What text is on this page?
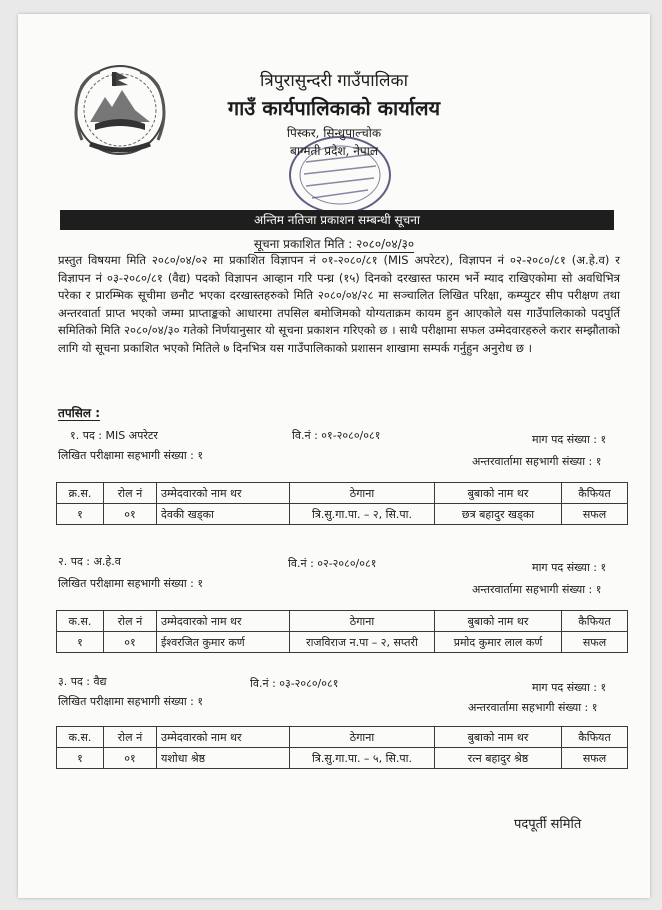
त्रिपुरासुन्दरी गाउँपालिका
गाउँ कार्यपालिकाको कार्यालय
पिस्कर, सिन्धुपाल्चोक
बाग्मती प्रदेश, नेपाल
अन्तिम नतिजा प्रकाशन सम्बन्धी सूचना
सूचना प्रकाशित मिति : २०८०/०४/३०
प्रस्तुत विषयमा मिति २०८०/०४/०२ मा प्रकाशित विज्ञापन नं ०१-२०८०/८१ (MIS अपरेटर), विज्ञापन नं ०२-२०८०/८१ (अ.हे.व) र विज्ञापन नं ०३-२०८०/८१ (वैद्य) पदको विज्ञापन आव्हान गरि पन्ध्र (१५) दिनको दरखास्त फारम भर्ने म्याद राखिएकोमा सो अवधिभित्र परेका र प्रारम्भिक सूचीमा छनौट भएका दरखास्तहरुको मिति २०८०/०४/२८ मा सञ्चालित लिखित परिक्षा, कम्प्युटर सीप परीक्षण तथा अन्तरवार्ता प्राप्त भएको जम्मा प्राप्ताङ्कको आधारमा तपसिल बमोजिमको योग्यताक्रम कायम हुन आएकोले यस गाउँपालिकाको पदपुर्ति समितिको मिति २०८०/०४/३० गतेको निर्णयानुसार यो सूचना प्रकाशन गरिएको छ । साथै परीक्षामा सफल उम्मेदवारहरुले करार सम्झौताको लागि यो सूचना प्रकाशित भएको मितिले ७ दिनभित्र यस गाउँपालिकाको प्रशासन शाखामा सम्पर्क गर्नुहुन अनुरोध छ ।
तपसिल :
१. पद : MIS अपरेटर	वि.नं : ०१-२०८०/०८१	माग पद संख्या : १
लिखित परीक्षामा सहभागी संख्या : १	अन्तरवार्तामा सहभागी संख्या : १
क्र.स.	रोल नं	उम्मेदवारको नाम थर	ठेगाना	बुबाको नाम थर	कैफियत
१	०१	देवकी खड्का	त्रि.सु.गा.पा. – २, सि.पा.	छत्र बहादुर खड्का	सफल
२. पद : अ.हे.व	वि.नं : ०२-२०८०/०८१	माग पद संख्या : १
लिखित परीक्षामा सहभागी संख्या : १	अन्तरवार्तामा सहभागी संख्या : १
क.स.	रोल नं	उम्मेदवारको नाम थर	ठेगाना	बुबाको नाम थर	कैफियत
१	०१	ईश्वरजित कुमार कर्ण	राजविराज न.पा – २, सप्तरी	प्रमोद कुमार लाल कर्ण	सफल
३. पद : वैद्य	वि.नं : ०३-२०८०/०८१	माग पद संख्या : १
लिखित परीक्षामा सहभागी संख्या : १	अन्तरवार्तामा सहभागी संख्या : १
क.स.	रोल नं	उम्मेदवारको नाम थर	ठेगाना	बुबाको नाम थर	कैफियत
१	०१	यशोधा श्रेष्ठ	त्रि.सु.गा.पा. – ५, सि.पा.	रत्न बहादुर श्रेष्ठ	सफल
पदपूर्ती समिति
